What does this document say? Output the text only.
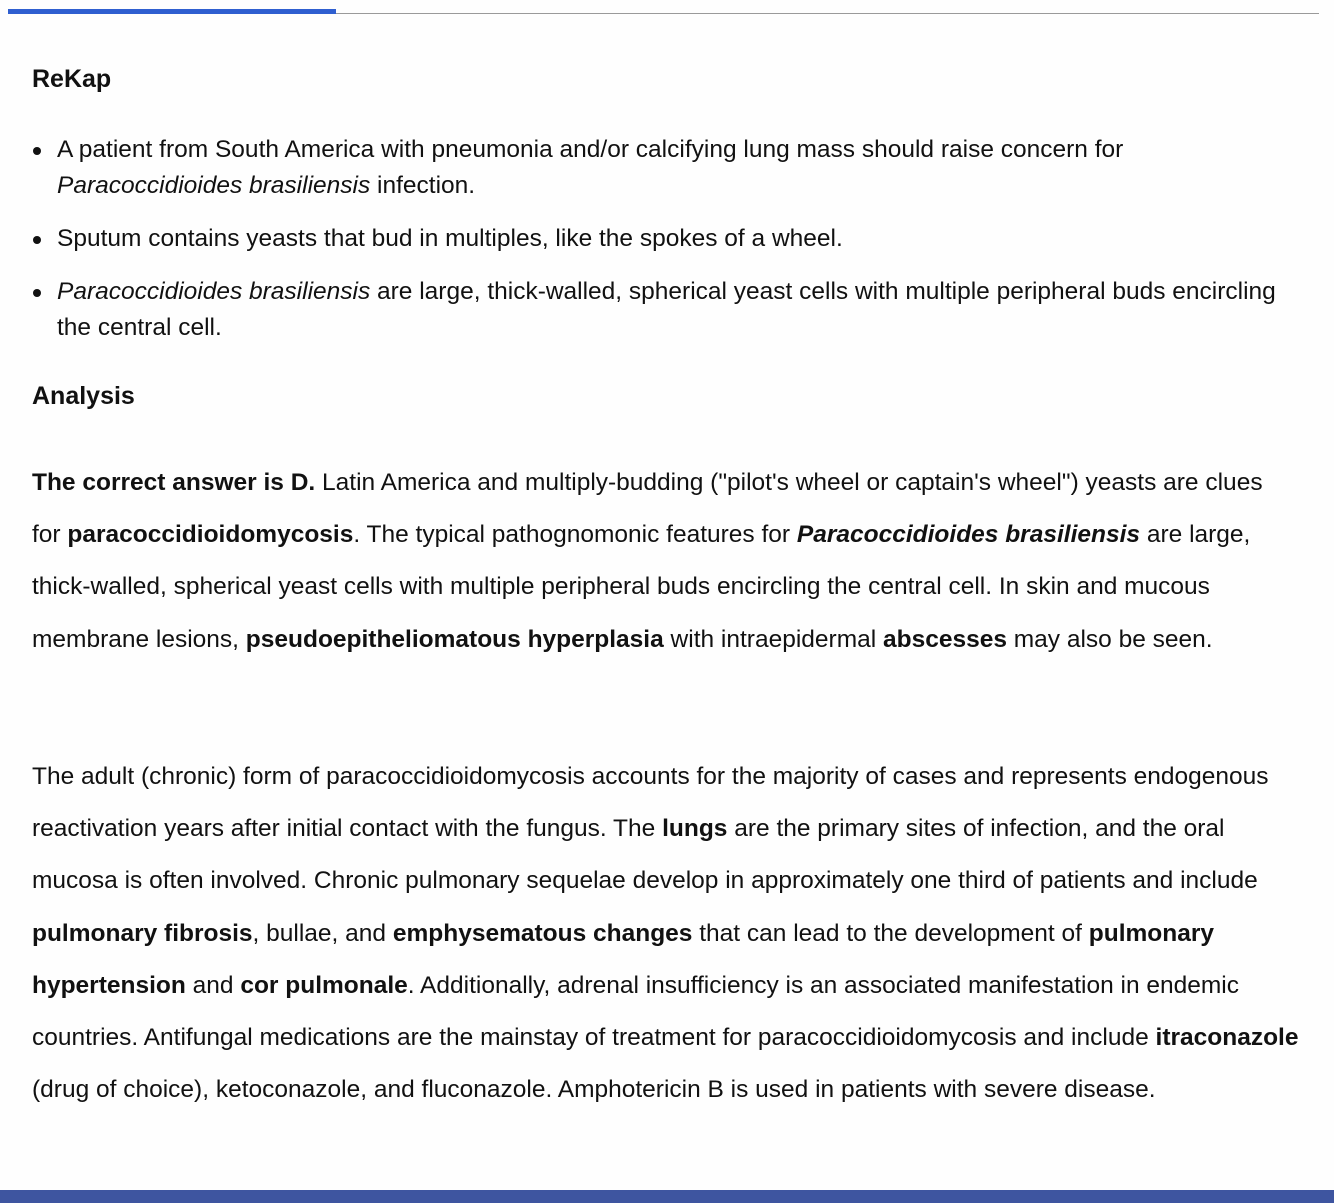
ReKap
A patient from South America with pneumonia and/or calcifying lung mass should raise concern for Paracoccidioides brasiliensis infection.
Sputum contains yeasts that bud in multiples, like the spokes of a wheel.
Paracoccidioides brasiliensis are large, thick-walled, spherical yeast cells with multiple peripheral buds encircling the central cell.
Analysis

The correct answer is D. Latin America and multiply-budding ("pilot's wheel or captain's wheel") yeasts are clues for paracoccidioidomycosis. The typical pathognomonic features for Paracoccidioides brasiliensis are large, thick-walled, spherical yeast cells with multiple peripheral buds encircling the central cell. In skin and mucous membrane lesions, pseudoepitheliomatous hyperplasia with intraepidermal abscesses may also be seen.

The adult (chronic) form of paracoccidioidomycosis accounts for the majority of cases and represents endogenous reactivation years after initial contact with the fungus. The lungs are the primary sites of infection, and the oral mucosa is often involved. Chronic pulmonary sequelae develop in approximately one third of patients and include pulmonary fibrosis, bullae, and emphysematous changes that can lead to the development of pulmonary hypertension and cor pulmonale. Additionally, adrenal insufficiency is an associated manifestation in endemic countries. Antifungal medications are the mainstay of treatment for paracoccidioidomycosis and include itraconazole (drug of choice), ketoconazole, and fluconazole. Amphotericin B is used in patients with severe disease.
